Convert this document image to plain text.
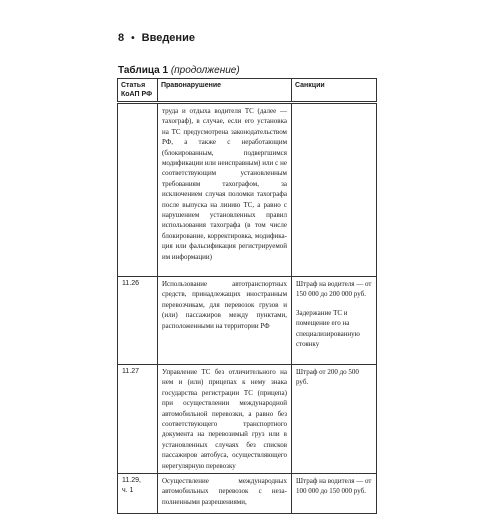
8 • Введение
Таблица 1 (продолжение)
Статья
КоАП РФ	Правонарушение	Санкции
	труда и отдыха водителя ТС (далее — тахограф), в случае, если его установка на ТС предусмотрена законодательством РФ, а также с неработающим (блокированным, подвергшимся модификации или неисправным) или с не соответствующим установленным требованиям тахографом, за исключением случая поломки тахографа после выпуска на линию ТС, а равно с нарушением установленных правил использования тахографа (в том числе блокирование, корректировка, модификация или фальсификация регистрируемой им информации)	

11.26	Использование автотранспортных средств, принадлежащих иностранным перевозчикам, для перевозок грузов и (или) пассажиров между пунктами, расположенными на территории РФ	Штраф на водителя — от 150 000 до 200 000 руб.

Задержание ТС и помещение его на специализированную стоянку

11.27	Управление ТС без отличительного на нем и (или) прицепах к нему знака государства регистрации ТС (прицепа) при осуществлении международной автомобильной перевозки, а равно без соответствующего транспортного документа на перевозимый груз или в установленных случаях без списков пассажиров автобуса, осуществляющего нерегулярную перевозку	Штраф от 200 до 500 руб.

11.29,
ч. 1	Осуществление международных автомобильных перевозок с незаполненными разрешениями,	Штраф на водителя — от 100 000 до 150 000 руб.
